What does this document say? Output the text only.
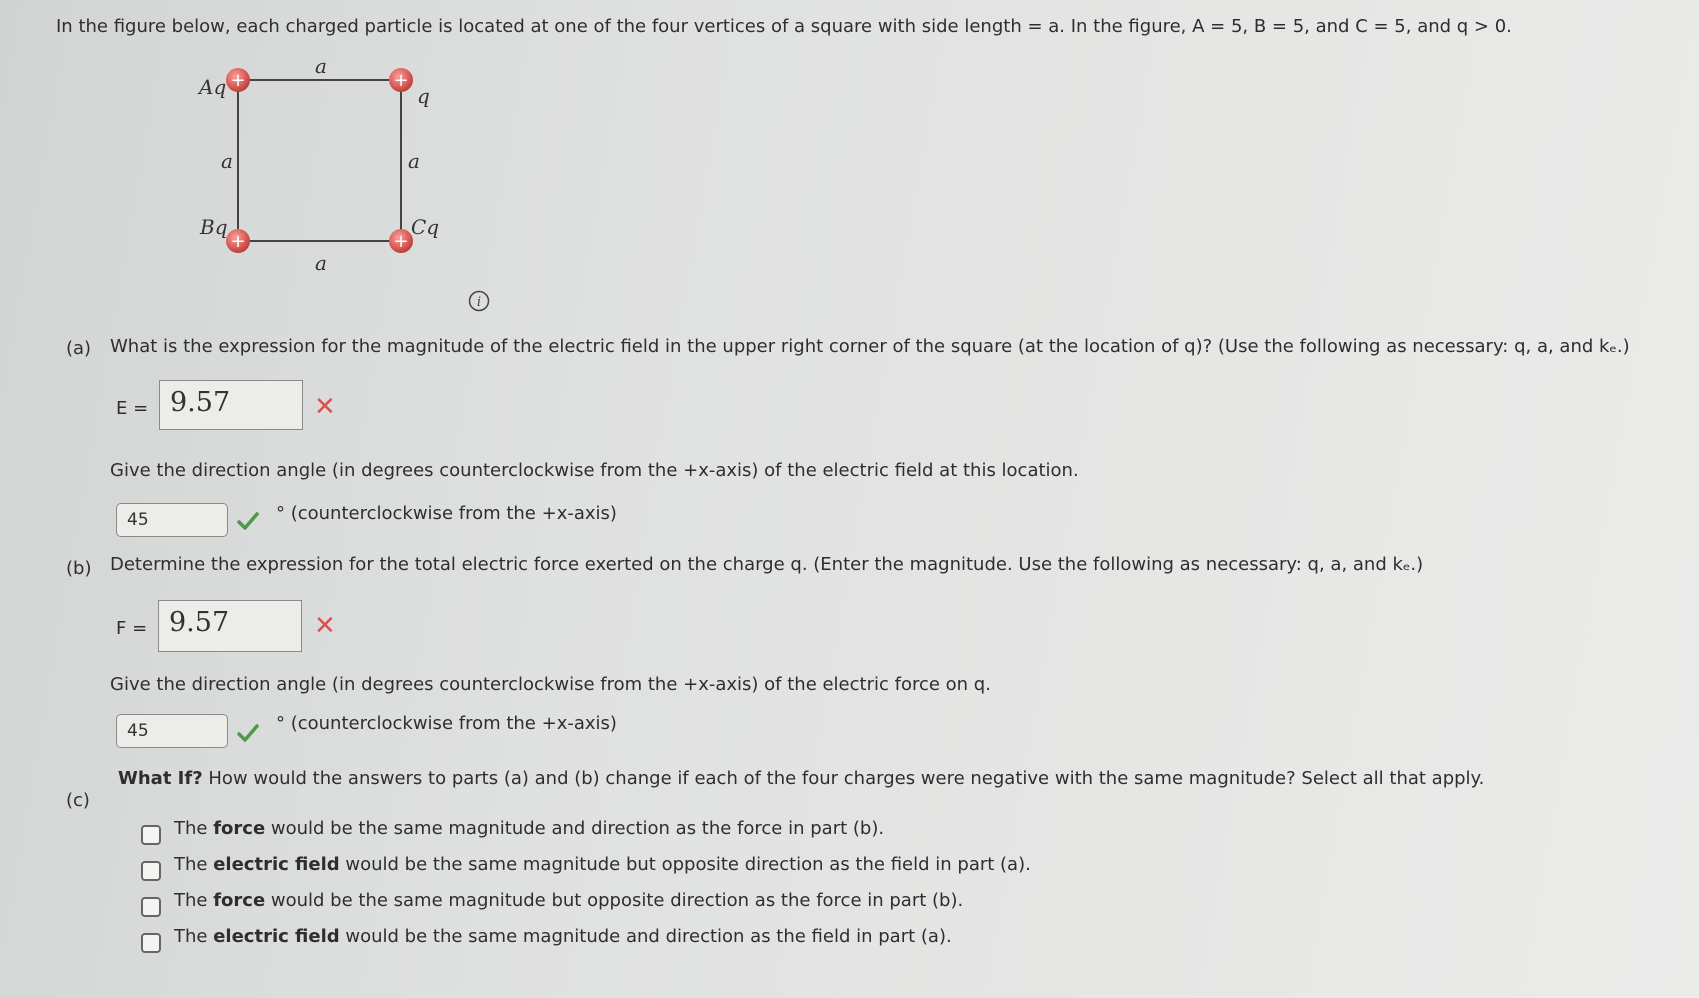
In the figure below, each charged particle is located at one of the four vertices of a square with side length = a. In the figure, A = 5, B = 5, and C = 5, and q > 0.
+	+
+	+
Aq	q
Bq	Cq
a
a	a
a
i
(a) What is the expression for the magnitude of the electric field in the upper right corner of the square (at the location of q)? (Use the following as necessary: q, a, and kₑ.)
E = 9.57	✕
Give the direction angle (in degrees counterclockwise from the +x-axis) of the electric field at this location.
45	° (counterclockwise from the +x-axis)
(b) Determine the expression for the total electric force exerted on the charge q. (Enter the magnitude. Use the following as necessary: q, a, and kₑ.)
F = 9.57	✕
Give the direction angle (in degrees counterclockwise from the +x-axis) of the electric force on q.
45	° (counterclockwise from the +x-axis)
(c)
What If? How would the answers to parts (a) and (b) change if each of the four charges were negative with the same magnitude? Select all that apply.
The force would be the same magnitude and direction as the force in part (b).
The electric field would be the same magnitude but opposite direction as the field in part (a).
The force would be the same magnitude but opposite direction as the force in part (b).
The electric field would be the same magnitude and direction as the field in part (a).
